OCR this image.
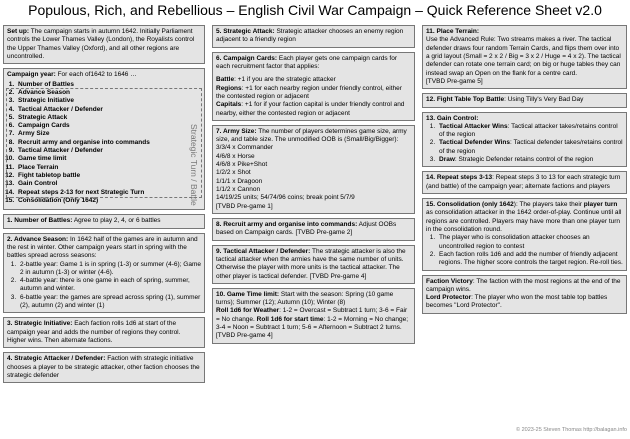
Populous, Rich, and Rebellious – English Civil War Campaign – Quick Reference Sheet v2.0

Set up: The campaign starts in autumn 1642. Initially Parliament controls the Lower Thames Valley (London), the Royalists control the Upper Thames Valley (Oxford), and all other regions are uncontrolled.

Strategic Turn / Battle

Campaign year: For each of1642 to 1646 …

1. Number of Battles
2. Advance Season
3. Strategic Initiative
4. Tactical Attacker / Defender
5. Strategic Attack
6. Campaign Cards
7. Army Size
8. Recruit army and organise into commands
9. Tactical Attacker / Defender
10. Game time limit
11. Place Terrain
12. Fight tabletop battle
13. Gain Control
14. Repeat steps 2-13 for next Strategic Turn
15. Consolidation (Only 1642)

1. Number of Battles: Agree to play 2, 4, or 6 battles

2. Advance Season: In 1642 half of the games are in autumn and the rest in winter. Other campaign years start in spring with the battles spread across seasons:

1. 2-battle year: Game 1 is in spring (1-3) or summer (4-6); Game 2 in autumn (1-3) or winter (4-6).
2. 4-battle year: there is one game in each of spring, summer, autumn and winter.
3. 6-battle year: the games are spread across spring (1), summer (2), autumn (2) and winter (1)

3. Strategic Initiative: Each faction rolls 1d6 at start of the campaign year and adds the number of regions they control. Higher wins. Then alternate factions.

4. Strategic Attacker / Defender: Faction with strategic initiative chooses a player to be strategic attacker, other faction chooses the strategic defender

5. Strategic Attack: Strategic attacker chooses an enemy region adjacent to a friendly region

6. Campaign Cards: Each player gets one campaign cards for each recruitment factor that applies:

Battle: +1 if you are the strategic attacker

Regions: +1 for each nearby region under friendly control, either the contested region or adjacent

Capitals: +1 for if your faction capital is under friendly control and nearby, either the contested region or adjacent

7. Army Size: The number of players determines game size, army size, and table size. The unmodified OOB is (Small/Big/Bigger):

3/3/4 x Commander

4/6/8 x Horse

4/6/8 x Pike+Shot

1/2/2 x Shot

1/1/1 x Dragoon

1/1/2 x Cannon

14/19/25 units; 54/74/96 coins; break point 5/7/9

[TVBD Pre-game 1]

8. Recruit army and organise into commands: Adjust OOBs based on Campaign cards. [TVBD Pre-game 2]

9. Tactical Attacker / Defender: The strategic attacker is also the tactical attacker when the armies have the same number of units. Otherwise the player with more units is the tactical attacker. The other player is tactical defender. [TVBD Pre-game 4]

10. Game Time limit: Start with the season: Spring (10 game turns); Summer (12); Autumn (10); Winter (8)

Roll 1d6 for Weather: 1-2 = Overcast = Subtract 1 turn; 3-6 = Fair = No change. Roll 1d6 for start time: 1-2 = Morning = No change; 3-4 = Noon = Subtract 1 turn; 5-6 = Afternoon = Subtract 2 turns. [TVBD Pre-game 4]

11. Place Terrain:

Use the Advanced Rule: Two streams makes a river. The tactical defender draws four random Terrain Cards, and flips them over into a grid layout (Small = 2 x 2 / Big = 3 x 2 / Huge = 4 x 2). The tactical defender can rotate one terrain card; on big or huge tables they can instead swap an Open on the flank for a centre card.

[TVBD Pre-game 5]

12. Fight Table Top Battle: Using Tilly's Very Bad Day

13. Gain Control:

1. Tactical Attacker Wins: Tactical attacker takes/retains control of the region
2. Tactical Defender Wins: Tactical defender takes/retains control of the region
3. Draw: Strategic Defender retains control of the region

14. Repeat steps 3-13: Repeat steps 3 to 13 for each strategic turn (and battle) of the campaign year; alternate factions and players

15. Consolidation (only 1642): The players take their player turn as consolidation attacker in the 1642 order-of-play. Continue until all regions are controlled. Players may have more than one player turn in the consolidation round.

1. The player who is consolidation attacker chooses an uncontrolled region to contest
2. Each faction rolls 1d6 and add the number of friendly adjacent regions. The higher score controls the target region. Re-roll ties.

Faction Victory: The faction with the most regions at the end of the campaign wins.

Lord Protector: The player who won the most table top battles becomes "Lord Protector".

© 2023-25 Steven Thomas http://balagan.info
